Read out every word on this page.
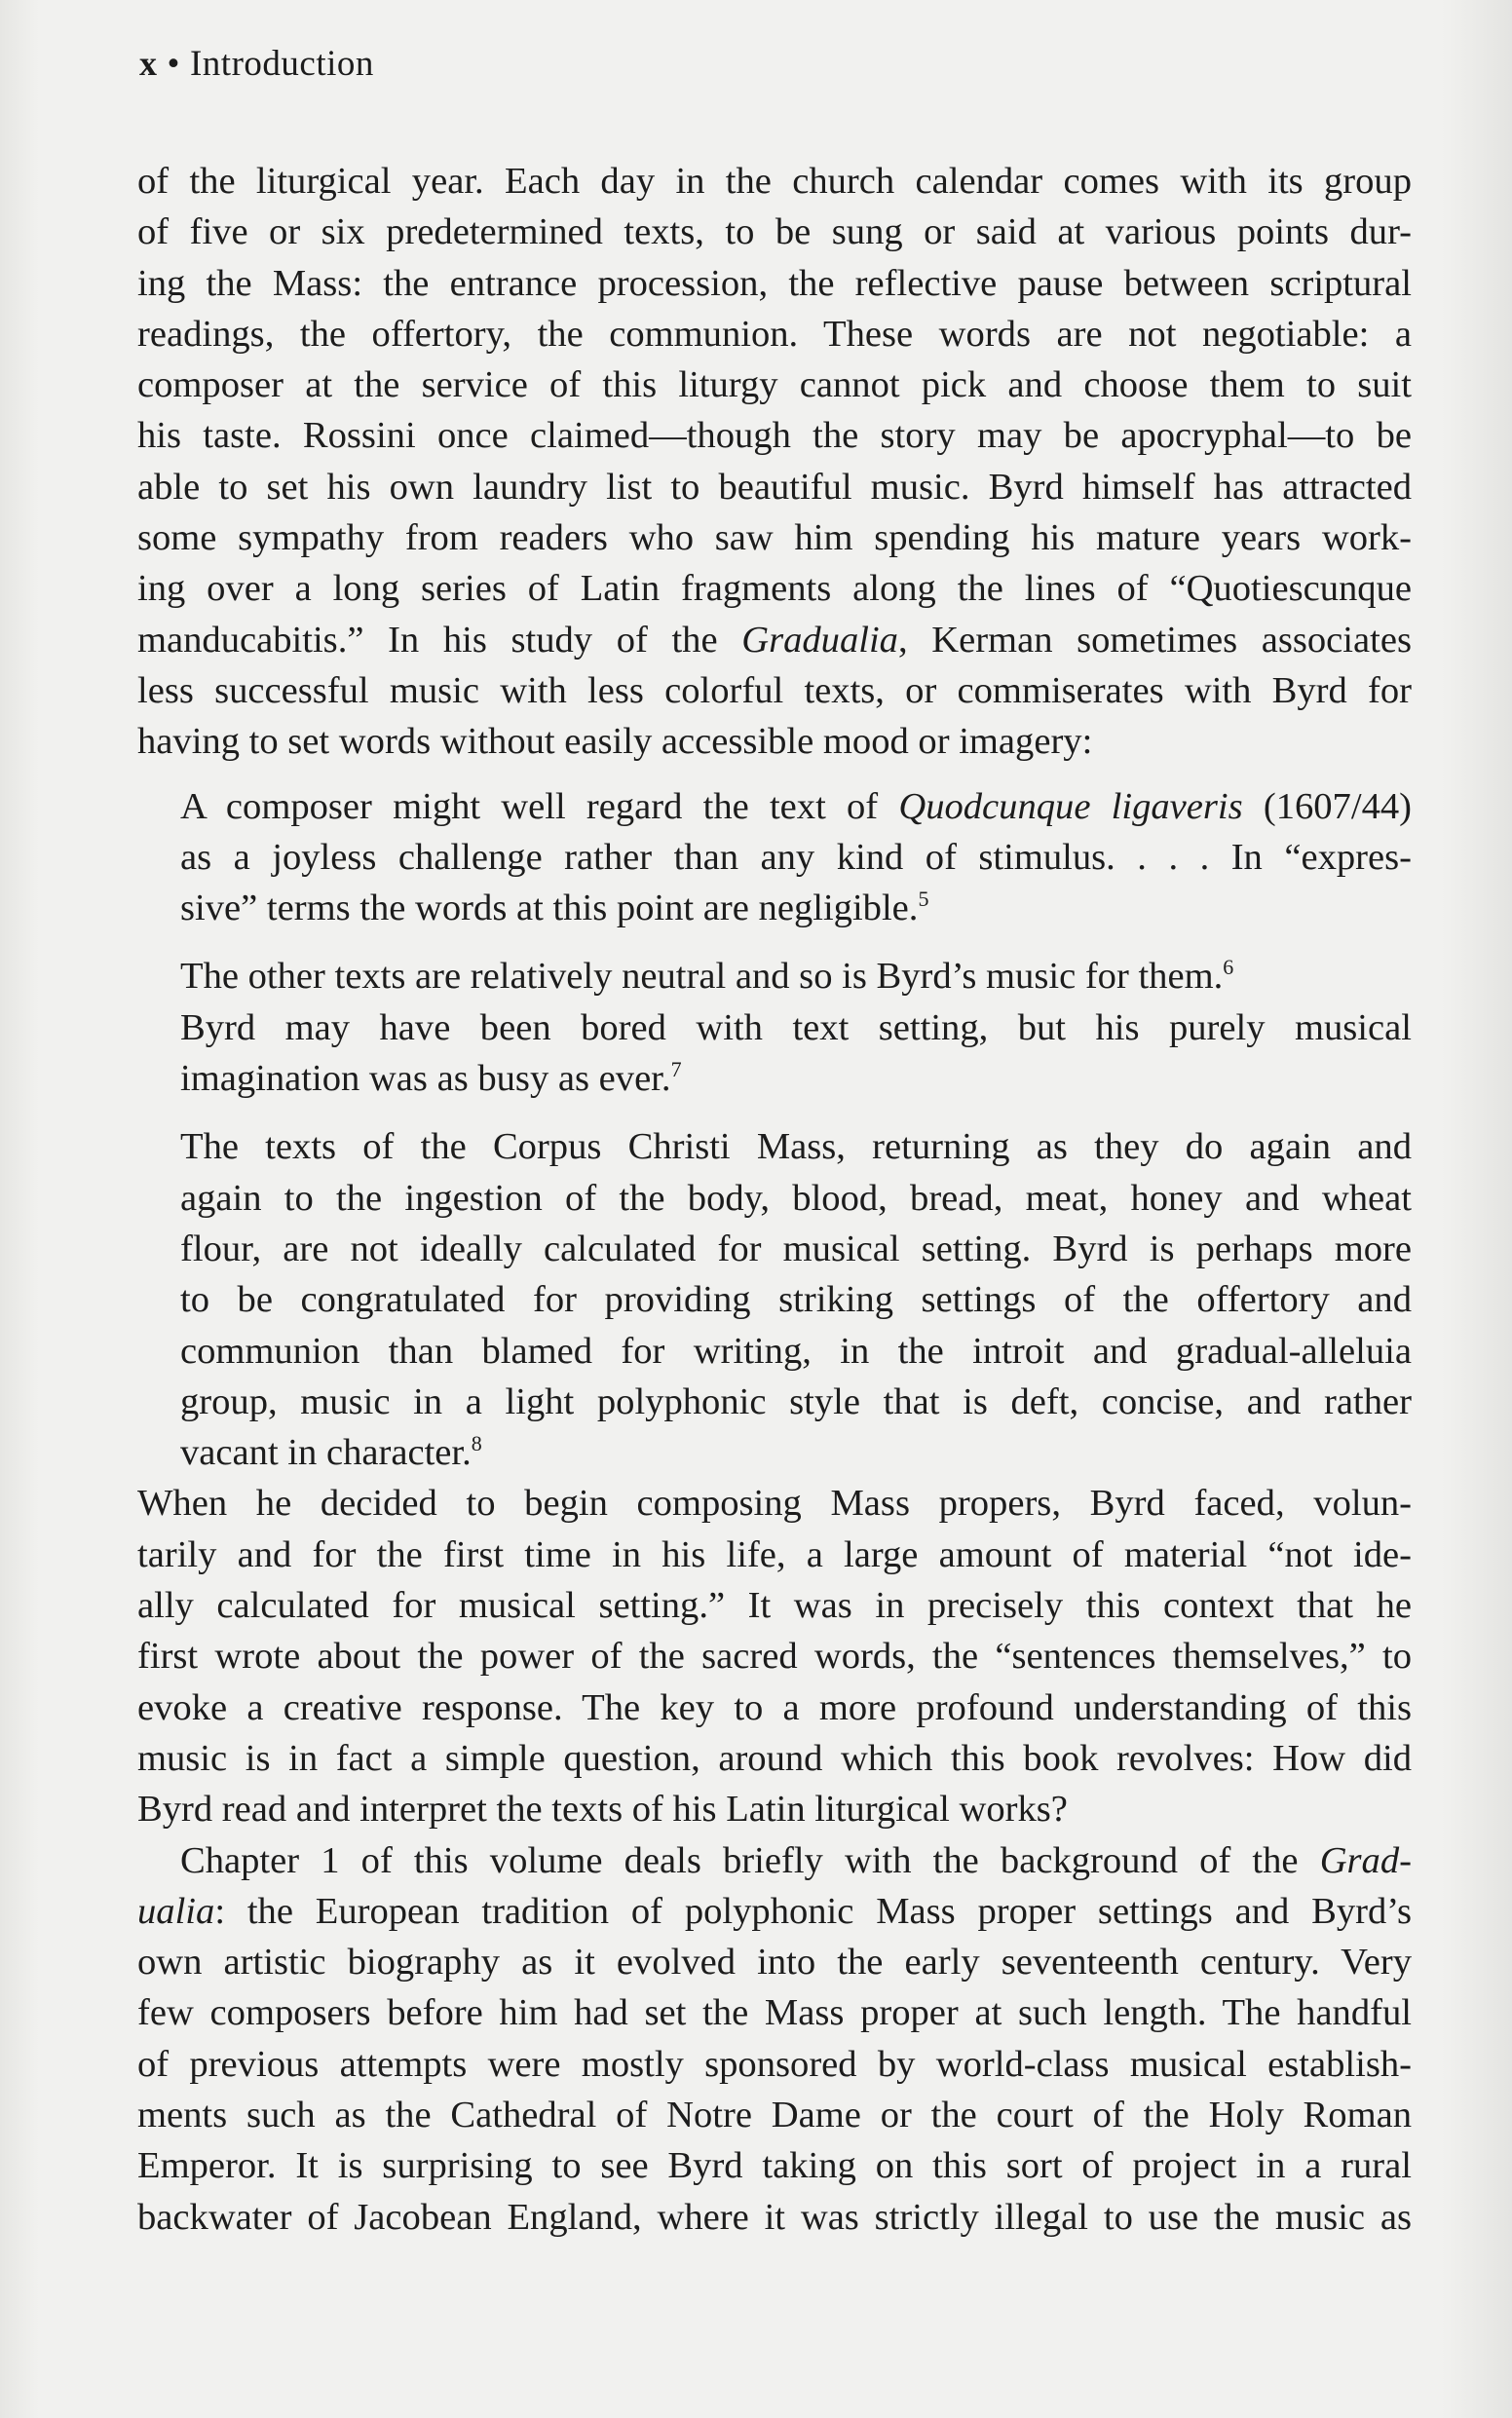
x • Introduction
of the liturgical year. Each day in the church calendar comes with its group
of five or six predetermined texts, to be sung or said at various points dur-
ing the Mass: the entrance procession, the reflective pause between scriptural
readings, the offertory, the communion. These words are not negotiable: a
composer at the service of this liturgy cannot pick and choose them to suit
his taste. Rossini once claimed—though the story may be apocryphal—to be
able to set his own laundry list to beautiful music. Byrd himself has attracted
some sympathy from readers who saw him spending his mature years work-
ing over a long series of Latin fragments along the lines of “Quotiescunque
manducabitis.” In his study of the Gradualia, Kerman sometimes associates
less successful music with less colorful texts, or commiserates with Byrd for
having to set words without easily accessible mood or imagery:
A composer might well regard the text of Quodcunque ligaveris (1607/44)
as a joyless challenge rather than any kind of stimulus. . . . In “expres-
sive” terms the words at this point are negligible.$^5$
The other texts are relatively neutral and so is Byrd’s music for them.$^6$
Byrd may have been bored with text setting, but his purely musical
imagination was as busy as ever.$^7$
The texts of the Corpus Christi Mass, returning as they do again and
again to the ingestion of the body, blood, bread, meat, honey and wheat
flour, are not ideally calculated for musical setting. Byrd is perhaps more
to be congratulated for providing striking settings of the offertory and
communion than blamed for writing, in the introit and gradual-alleluia
group, music in a light polyphonic style that is deft, concise, and rather
vacant in character.$^8$
When he decided to begin composing Mass propers, Byrd faced, volun-
tarily and for the first time in his life, a large amount of material “not ide-
ally calculated for musical setting.” It was in precisely this context that he
first wrote about the power of the sacred words, the “sentences themselves,” to
evoke a creative response. The key to a more profound understanding of this
music is in fact a simple question, around which this book revolves: How did
Byrd read and interpret the texts of his Latin liturgical works?
Chapter 1 of this volume deals briefly with the background of the Grad-
ualia: the European tradition of polyphonic Mass proper settings and Byrd’s
own artistic biography as it evolved into the early seventeenth century. Very
few composers before him had set the Mass proper at such length. The handful
of previous attempts were mostly sponsored by world-class musical establish-
ments such as the Cathedral of Notre Dame or the court of the Holy Roman
Emperor. It is surprising to see Byrd taking on this sort of project in a rural
backwater of Jacobean England, where it was strictly illegal to use the music as
